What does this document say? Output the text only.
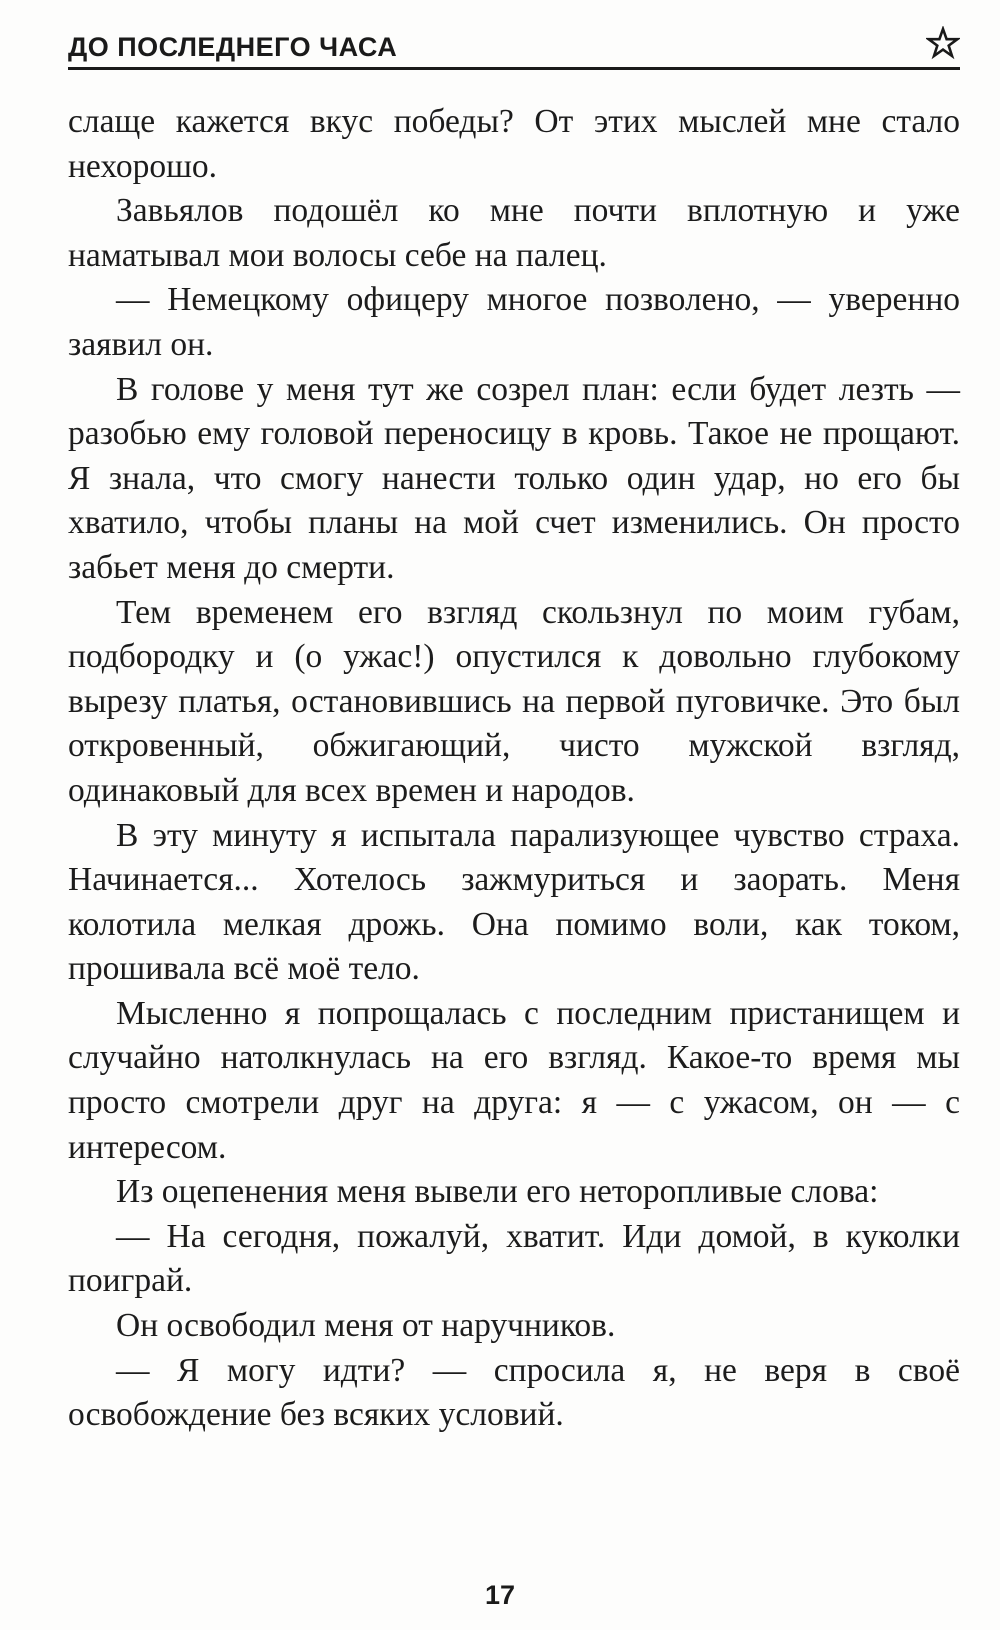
ДО ПОСЛЕДНЕГО ЧАСА

слаще кажется вкус победы? От этих мыслей мне стало нехорошо.

Завьялов подошёл ко мне почти вплотную и уже наматывал мои волосы себе на палец.

— Немецкому офицеру многое позволено, — уверенно заявил он.

В голове у меня тут же созрел план: если будет лезть — разобью ему головой переносицу в кровь. Такое не прощают. Я знала, что смогу нанести только один удар, но его бы хватило, чтобы планы на мой счет изменились. Он просто забьет меня до смерти.

Тем временем его взгляд скользнул по моим губам, подбородку и (о ужас!) опустился к довольно глубокому вырезу платья, остановившись на первой пуговичке. Это был откровенный, обжигающий, чисто мужской взгляд, одинаковый для всех времен и народов.

В эту минуту я испытала парализующее чувство страха. Начинается... Хотелось зажмуриться и заорать. Меня колотила мелкая дрожь. Она помимо воли, как током, прошивала всё моё тело.

Мысленно я попрощалась с последним пристанищем и случайно натолкнулась на его взгляд. Какое-то время мы просто смотрели друг на друга: я — с ужасом, он — с интересом.

Из оцепенения меня вывели его неторопливые слова:

— На сегодня, пожалуй, хватит. Иди домой, в куколки поиграй.

Он освободил меня от наручников.

— Я могу идти? — спросила я, не веря в своё освобождение без всяких условий.

17
